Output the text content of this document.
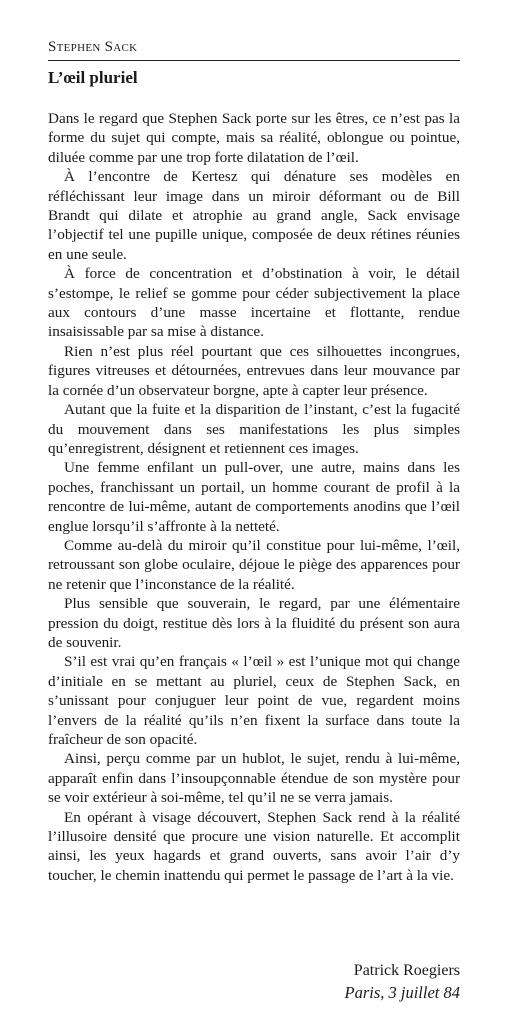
Stephen Sack

L’œil pluriel

Dans le regard que Stephen Sack porte sur les êtres, ce n’est pas la forme du sujet qui compte, mais sa réalité, oblongue ou pointue, diluée comme par une trop forte dilatation de l’œil.

À l’encontre de Kertesz qui dénature ses modèles en réfléchissant leur image dans un miroir déformant ou de Bill Brandt qui dilate et atrophie au grand angle, Sack envisage l’objectif tel une pupille unique, composée de deux rétines réunies en une seule.

À force de concentration et d’obstination à voir, le détail s’estompe, le relief se gomme pour céder subjectivement la place aux contours d’une masse incertaine et flottante, rendue insaisissable par sa mise à distance.

Rien n’est plus réel pourtant que ces silhouettes incongrues, figures vitreuses et détournées, entrevues dans leur mouvance par la cornée d’un observateur borgne, apte à capter leur présence.

Autant que la fuite et la disparition de l’instant, c’est la fugacité du mouvement dans ses manifestations les plus simples qu’enregistrent, désignent et retiennent ces images.

Une femme enfilant un pull-over, une autre, mains dans les poches, franchissant un portail, un homme courant de profil à la rencontre de lui-même, autant de comportements anodins que l’œil englue lorsqu’il s’affronte à la netteté.

Comme au-delà du miroir qu’il constitue pour lui-même, l’œil, retroussant son globe oculaire, déjoue le piège des apparences pour ne retenir que l’inconstance de la réalité.

Plus sensible que souverain, le regard, par une élémentaire pression du doigt, restitue dès lors à la fluidité du présent son aura de souvenir.

S’il est vrai qu’en français « l’œil » est l’unique mot qui change d’initiale en se mettant au pluriel, ceux de Stephen Sack, en s’unissant pour conjuguer leur point de vue, regardent moins l’envers de la réalité qu’ils n’en fixent la surface dans toute la fraîcheur de son opacité.

Ainsi, perçu comme par un hublot, le sujet, rendu à lui-même, apparaît enfin dans l’insoupçonnable étendue de son mystère pour se voir extérieur à soi-même, tel qu’il ne se verra jamais.

En opérant à visage découvert, Stephen Sack rend à la réalité l’illusoire densité que procure une vision naturelle. Et accomplit ainsi, les yeux hagards et grand ouverts, sans avoir l’air d’y toucher, le chemin inattendu qui permet le passage de l’art à la vie.

Patrick Roegiers
Paris, 3 juillet 84
